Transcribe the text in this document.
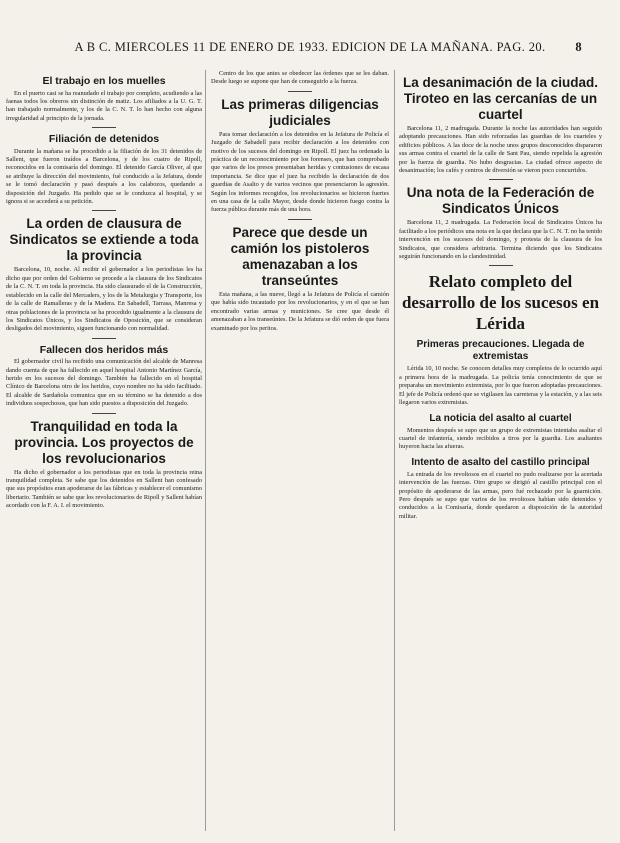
A B C. MIERCOLES 11 DE ENERO DE 1933. EDICION DE LA MAÑANA. PAG. 20. 8
El trabajo en los muelles

En el puerto casi se ha reanudado el trabajo por completo, acudiendo a las faenas todos los obreros sin distinción de matiz. Los afiliados a la U. G. T. han trabajado normalmente, y los de la C. N. T. lo han hecho con alguna irregularidad al principio de la jornada.

Filiación de detenidos

Durante la mañana se ha procedido a la filiación de los 31 detenidos de Sallent, que fueron traídos a Barcelona, y de los cuatro de Ripoll, reconocidos en la comisaría del domingo. El detenido García Oliver, al que se atribuye la dirección del movimiento, fué conducido a la Jefatura, donde se le tomó declaración y pasó después a los calabozos, quedando a disposición del Juzgado. Ha pedido que se le conduzca al hospital, y se ignora si se accederá a su petición.

La orden de clausura de Sindicatos se extiende a toda la provincia

Barcelona, 10, noche. Al recibir el gobernador a los periodistas les ha dicho que por orden del Gobierno se procede a la clausura de los Sindicatos de la C. N. T. en toda la provincia. Ha sido clausurado el de la Construcción, establecido en la calle del Mercaders, y los de la Metalurgia y Transporte, los de la calle de Ramalleras y de la Madera. En Sabadell, Tarrasa, Manresa y otras poblaciones de la provincia se ha procedido igualmente a la clausura de los Sindicatos Únicos, y los Sindicatos de Oposición, que se consideran desligados del movimiento, siguen funcionando con normalidad.

Fallecen dos heridos más

El gobernador civil ha recibido una comunicación del alcalde de Manresa dando cuenta de que ha fallecido en aquel hospital Antonio Martínez García, herido en los sucesos del domingo. También ha fallecido en el hospital Clínico de Barcelona otro de los heridos, cuyo nombre no ha sido facilitado. El alcalde de Sardañola comunica que en su término se ha detenido a dos individuos sospechosos, que han sido puestos a disposición del Juzgado.

Tranquilidad en toda la provincia. Los proyectos de los revolucionarios

Ha dicho el gobernador a los periodistas que en toda la provincia reina tranquilidad completa. Se sabe que los detenidos en Sallent han confesado que sus propósitos eran apoderarse de las fábricas y establecer el comunismo libertario. También se sabe que los revolucionarios de Ripoll y Sallent habían acordado con la F. A. I. el movimiento.

Centro de los que antes se obedecer las órdenes que se les daban. Desde luego se supone que han de conseguirlo a la fuerza.

Las primeras diligencias judiciales

Para tomar declaración a los detenidos en la Jefatura de Policía el Juzgado de Sabadell para recibir declaración a los detenidos con motivo de los sucesos del domingo en Ripoll. El juez ha ordenado la práctica de un reconocimiento por los forenses, que han comprobado que varios de los presos presentaban heridas y contusiones de escasa importancia. Se dice que el juez ha recibido la declaración de dos guardias de Asalto y de varios vecinos que presenciaron la agresión. Según los informes recogidos, los revolucionarios se hicieron fuertes en una casa de la calle Mayor, desde donde hicieron fuego contra la fuerza pública durante más de una hora.

Parece que desde un camión los pistoleros amenazaban a los transeúntes

Esta mañana, a las nueve, llegó a la Jefatura de Policía el camión que había sido incautado por los revolucionarios, y en el que se han encontrado varias armas y municiones. Se cree que desde él amenazaban a los transeúntes. De la Jefatura se dió orden de que fuera examinado por los peritos.

La desanimación de la ciudad. Tiroteo en las cercanías de un cuartel

Barcelona 11, 2 madrugada. Durante la noche las autoridades han seguido adoptando precauciones. Han sido reforzadas las guardias de los cuarteles y edificios públicos. A las doce de la noche unos grupos desconocidos dispararon sus armas contra el cuartel de la calle de Sant Pau, siendo repelida la agresión por la fuerza de guardia. No hubo desgracias. La ciudad ofrece aspecto de desanimación; los cafés y centros de diversión se vieron poco concurridos.

Una nota de la Federación de Sindicatos Únicos

Barcelona 11, 2 madrugada. La Federación local de Sindicatos Únicos ha facilitado a los periódicos una nota en la que declara que la C. N. T. no ha tenido intervención en los sucesos del domingo, y protesta de la clausura de los Sindicatos, que considera arbitraria. Termina diciendo que los Sindicatos seguirán funcionando en la clandestinidad.

Relato completo del desarrollo de los sucesos en Lérida
Primeras precauciones. Llegada de extremistas

Lérida 10, 10 noche. Se conocen detalles muy completos de lo ocurrido aquí a primera hora de la madrugada. La policía tenía conocimiento de que se preparaba un movimiento extremista, por lo que fueron adoptadas precauciones. El jefe de Policía ordenó que se vigilasen las carreteras y la estación, y a las seis llegaron varios extremistas.

La noticia del asalto al cuartel

Momentos después se supo que un grupo de extremistas intentaba asaltar el cuartel de infantería, siendo recibidos a tiros por la guardia. Los asaltantes huyeron hacia las afueras.

Intento de asalto del castillo principal

La entrada de los revoltosos en el cuartel no pudo realizarse por la acertada intervención de las fuerzas. Otro grupo se dirigió al castillo principal con el propósito de apoderarse de las armas, pero fué rechazado por la guarnición. Pero después se supo que varios de los revoltosos habían sido detenidos y conducidos a la Comisaría, donde quedaron a disposición de la autoridad militar.
